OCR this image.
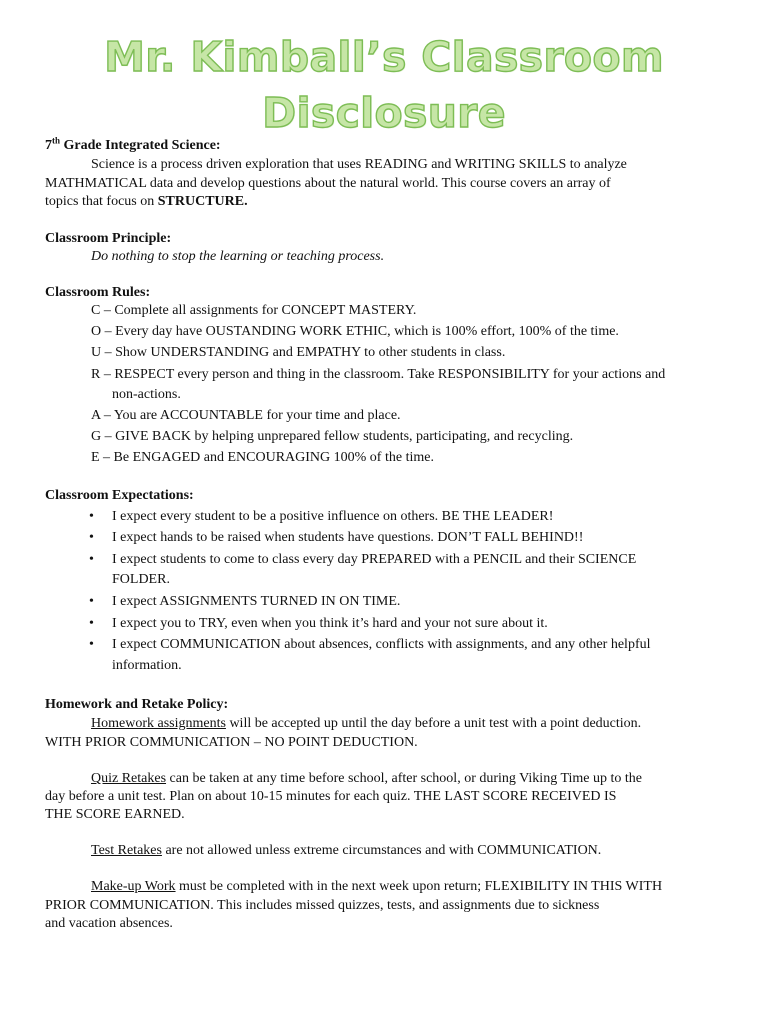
Mr. Kimball’s Classroom
Disclosure
7th Grade Integrated Science:
Science is a process driven exploration that uses READING and WRITING SKILLS to analyze
MATHMATICAL data and develop questions about the natural world. This course covers an array of
topics that focus on STRUCTURE.
Classroom Principle:
Do nothing to stop the learning or teaching process.
Classroom Rules:
C – Complete all assignments for CONCEPT MASTERY.
O – Every day have OUSTANDING WORK ETHIC, which is 100% effort, 100% of the time.
U – Show UNDERSTANDING and EMPATHY to other students in class.
R – RESPECT every person and thing in the classroom. Take RESPONSIBILITY for your actions and
non-actions.
A – You are ACCOUNTABLE for your time and place.
G – GIVE BACK by helping unprepared fellow students, participating, and recycling.
E – Be ENGAGED and ENCOURAGING 100% of the time.
Classroom Expectations:
• I expect every student to be a positive influence on others. BE THE LEADER!
• I expect hands to be raised when students have questions. DON’T FALL BEHIND!!
• I expect students to come to class every day PREPARED with a PENCIL and their SCIENCE
FOLDER.
• I expect ASSIGNMENTS TURNED IN ON TIME.
• I expect you to TRY, even when you think it’s hard and your not sure about it.
• I expect COMMUNICATION about absences, conflicts with assignments, and any other helpful
information.
Homework and Retake Policy:
Homework assignments will be accepted up until the day before a unit test with a point deduction.
WITH PRIOR COMMUNICATION – NO POINT DEDUCTION.
Quiz Retakes can be taken at any time before school, after school, or during Viking Time up to the
day before a unit test. Plan on about 10-15 minutes for each quiz. THE LAST SCORE RECEIVED IS
THE SCORE EARNED.
Test Retakes are not allowed unless extreme circumstances and with COMMUNICATION.
Make-up Work must be completed with in the next week upon return; FLEXIBILITY IN THIS WITH
PRIOR COMMUNICATION. This includes missed quizzes, tests, and assignments due to sickness
and vacation absences.
